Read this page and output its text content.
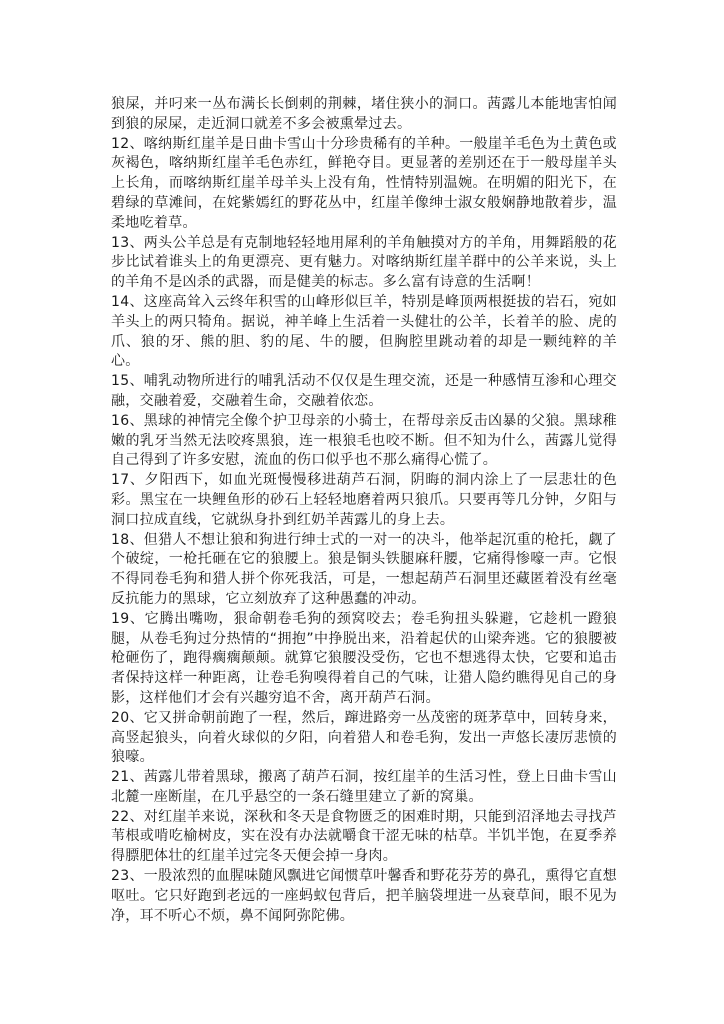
狼屎，并叼来一丛布满长长倒刺的荆棘，堵住狭小的洞口。茜露儿本能地害怕闻到狼的尿屎，走近洞口就差不多会被熏晕过去。

12、喀纳斯红崖羊是日曲卡雪山十分珍贵稀有的羊种。一般崖羊毛色为土黄色或灰褐色，喀纳斯红崖羊毛色赤红，鲜艳夺目。更显著的差别还在于一般母崖羊头上长角，而喀纳斯红崖羊母羊头上没有角，性情特别温婉。在明媚的阳光下，在碧绿的草滩间，在姹紫嫣红的野花丛中，红崖羊像绅士淑女般娴静地散着步，温柔地吃着草。

13、两头公羊总是有克制地轻轻地用犀利的羊角触摸对方的羊角，用舞蹈般的花步比试着谁头上的角更漂亮、更有魅力。对喀纳斯红崖羊群中的公羊来说，头上的羊角不是凶杀的武器，而是健美的标志。多么富有诗意的生活啊！

14、这座高耸入云终年积雪的山峰形似巨羊，特别是峰顶两根挺拔的岩石，宛如羊头上的两只犄角。据说，神羊峰上生活着一头健壮的公羊，长着羊的脸、虎的爪、狼的牙、熊的胆、豹的尾、牛的腰，但胸腔里跳动着的却是一颗纯粹的羊心。

15、哺乳动物所进行的哺乳活动不仅仅是生理交流，还是一种感情互渗和心理交融，交融着爱，交融着生命，交融着依恋。

16、黑球的神情完全像个护卫母亲的小骑士，在帮母亲反击凶暴的父狼。黑球稚嫩的乳牙当然无法咬疼黑狼，连一根狼毛也咬不断。但不知为什么，茜露儿觉得自己得到了许多安慰，流血的伤口似乎也不那么痛得心慌了。

17、夕阳西下，如血光斑慢慢移进葫芦石洞，阴晦的洞内涂上了一层悲壮的色彩。黑宝在一块鲤鱼形的砂石上轻轻地磨着两只狼爪。只要再等几分钟，夕阳与洞口拉成直线，它就纵身扑到红奶羊茜露儿的身上去。

18、但猎人不想让狼和狗进行绅士式的一对一的决斗，他举起沉重的枪托，觑了个破绽，一枪托砸在它的狼腰上。狼是铜头铁腿麻秆腰，它痛得惨嚎一声。它恨不得同卷毛狗和猎人拼个你死我活，可是，一想起葫芦石洞里还藏匿着没有丝毫反抗能力的黑球，它立刻放弃了这种愚蠢的冲动。

19、它腾出嘴吻，狠命朝卷毛狗的颈窝咬去；卷毛狗扭头躲避，它趁机一蹬狼腿，从卷毛狗过分热情的“拥抱”中挣脱出来，沿着起伏的山梁奔逃。它的狼腰被枪砸伤了，跑得瘸瘸颠颠。就算它狼腰没受伤，它也不想逃得太快，它要和追击者保持这样一种距离，让卷毛狗嗅得着自己的气味，让猎人隐约瞧得见自己的身影，这样他们才会有兴趣穷追不舍，离开葫芦石洞。

20、它又拼命朝前跑了一程，然后，蹿进路旁一丛茂密的斑茅草中，回转身来，高竖起狼头，向着火球似的夕阳，向着猎人和卷毛狗，发出一声悠长凄厉悲愤的狼嚎。

21、茜露儿带着黑球，搬离了葫芦石洞，按红崖羊的生活习性，登上日曲卡雪山北麓一座断崖，在几乎悬空的一条石缝里建立了新的窝巢。

22、对红崖羊来说，深秋和冬天是食物匮乏的困难时期，只能到沼泽地去寻找芦苇根或啃吃榆树皮，实在没有办法就嚼食干涩无味的枯草。半饥半饱，在夏季养得膘肥体壮的红崖羊过完冬天便会掉一身肉。

23、一股浓烈的血腥味随风飘进它闻惯草叶馨香和野花芬芳的鼻孔，熏得它直想呕吐。它只好跑到老远的一座蚂蚁包背后，把羊脑袋埋进一丛衰草间，眼不见为净，耳不听心不烦，鼻不闻阿弥陀佛。
